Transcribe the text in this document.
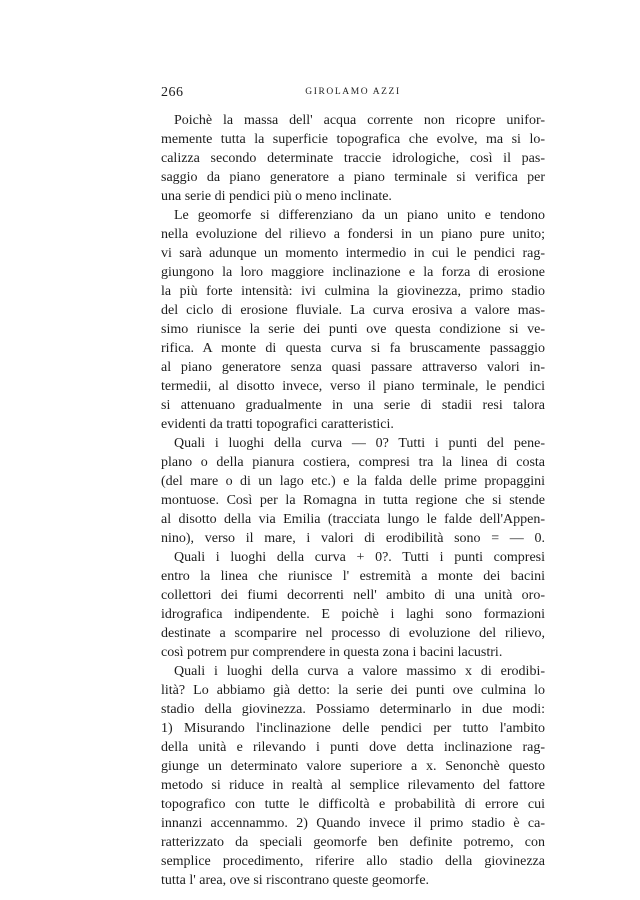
266	GIROLAMO AZZI
Poichè la massa dell' acqua corrente non ricopre unifor-
memente tutta la superficie topografica che evolve, ma si lo-
calizza secondo determinate traccie idrologiche, così il pas-
saggio da piano generatore a piano terminale si verifica per
una serie di pendici più o meno inclinate.
Le geomorfe si differenziano da un piano unito e tendono
nella evoluzione del rilievo a fondersi in un piano pure unito;
vi sarà adunque un momento intermedio in cui le pendici rag-
giungono la loro maggiore inclinazione e la forza di erosione
la più forte intensità: ivi culmina la giovinezza, primo stadio
del ciclo di erosione fluviale. La curva erosiva a valore mas-
simo riunisce la serie dei punti ove questa condizione si ve-
rifica. A monte di questa curva si fa bruscamente passaggio
al piano generatore senza quasi passare attraverso valori in-
termedii, al disotto invece, verso il piano terminale, le pendici
si attenuano gradualmente in una serie di stadii resi talora
evidenti da tratti topografici caratteristici.
Quali i luoghi della curva — 0? Tutti i punti del pene-
plano o della pianura costiera, compresi tra la linea di costa
(del mare o di un lago etc.) e la falda delle prime propaggini
montuose. Così per la Romagna in tutta regione che si stende
al disotto della via Emilia (tracciata lungo le falde dell'Appen-
nino), verso il mare, i valori di erodibilità sono = — 0.
Quali i luoghi della curva + 0?. Tutti i punti compresi
entro la linea che riunisce l' estremità a monte dei bacini
collettori dei fiumi decorrenti nell' ambito di una unità oro-
idrografica indipendente. E poichè i laghi sono formazioni
destinate a scomparire nel processo di evoluzione del rilievo,
così potrem pur comprendere in questa zona i bacini lacustri.
Quali i luoghi della curva a valore massimo x di erodibi-
lità? Lo abbiamo già detto: la serie dei punti ove culmina lo
stadio della giovinezza. Possiamo determinarlo in due modi:
1) Misurando l'inclinazione delle pendici per tutto l'ambito
della unità e rilevando i punti dove detta inclinazione rag-
giunge un determinato valore superiore a x. Senonchè questo
metodo si riduce in realtà al semplice rilevamento del fattore
topografico con tutte le difficoltà e probabilità di errore cui
innanzi accennammo. 2) Quando invece il primo stadio è ca-
ratterizzato da speciali geomorfe ben definite potremo, con
semplice procedimento, riferire allo stadio della giovinezza
tutta l' area, ove si riscontrano queste geomorfe.
